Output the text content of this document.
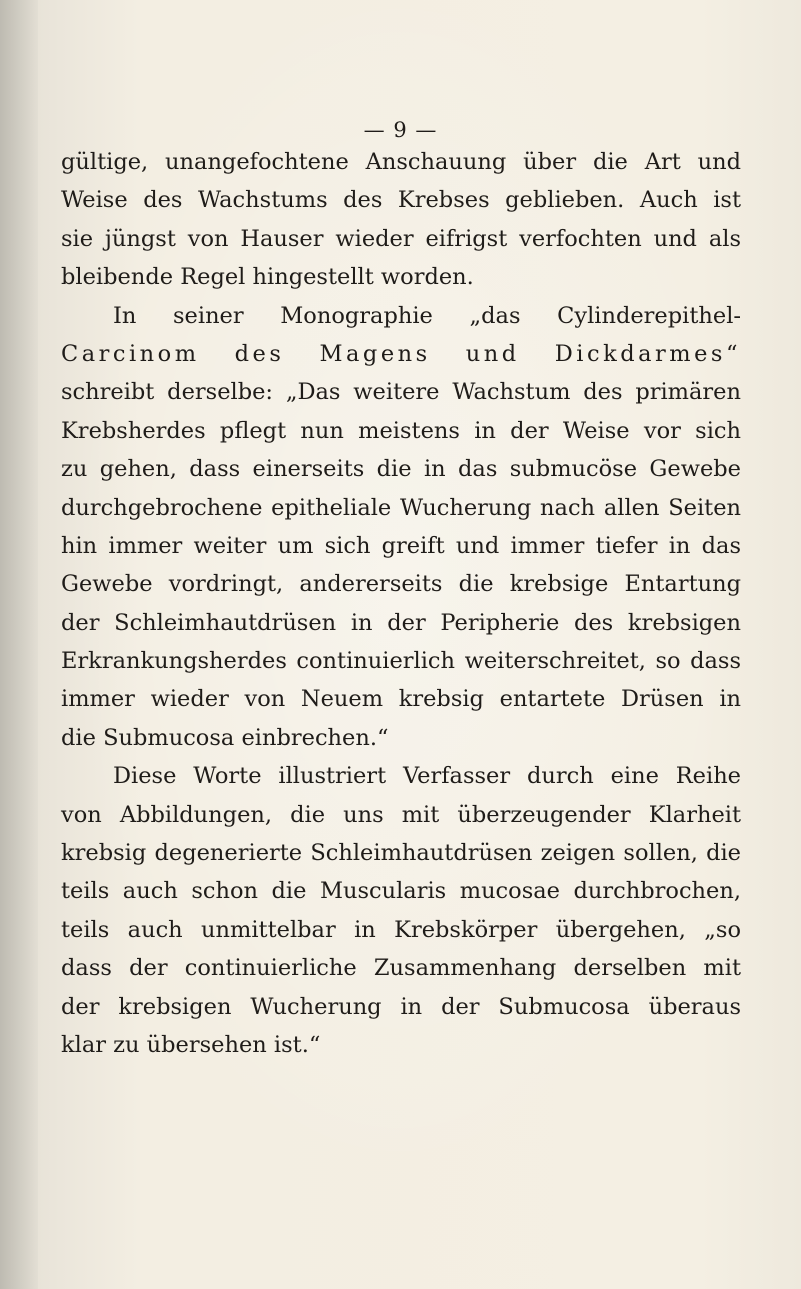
— 9 —
gültige, unangefochtene Anschauung über die Art und
Weise des Wachstums des Krebses geblieben. Auch ist
sie jüngst von Hauser wieder eifrigst verfochten und als
bleibende Regel hingestellt worden.
In seiner Monographie „das Cylinderepithel-
Carcinom des Magens und Dickdarmes“
schreibt derselbe: „Das weitere Wachstum des primären
Krebsherdes pflegt nun meistens in der Weise vor sich
zu gehen, dass einerseits die in das submucöse Gewebe
durchgebrochene epitheliale Wucherung nach allen Seiten
hin immer weiter um sich greift und immer tiefer in das
Gewebe vordringt, andererseits die krebsige Entartung
der Schleimhautdrüsen in der Peripherie des krebsigen
Erkrankungsherdes continuierlich weiterschreitet, so dass
immer wieder von Neuem krebsig entartete Drüsen in
die Submucosa einbrechen.“
Diese Worte illustriert Verfasser durch eine Reihe
von Abbildungen, die uns mit überzeugender Klarheit
krebsig degenerierte Schleimhautdrüsen zeigen sollen, die
teils auch schon die Muscularis mucosae durchbrochen,
teils auch unmittelbar in Krebskörper übergehen, „so
dass der continuierliche Zusammenhang derselben mit
der krebsigen Wucherung in der Submucosa überaus
klar zu übersehen ist.“
